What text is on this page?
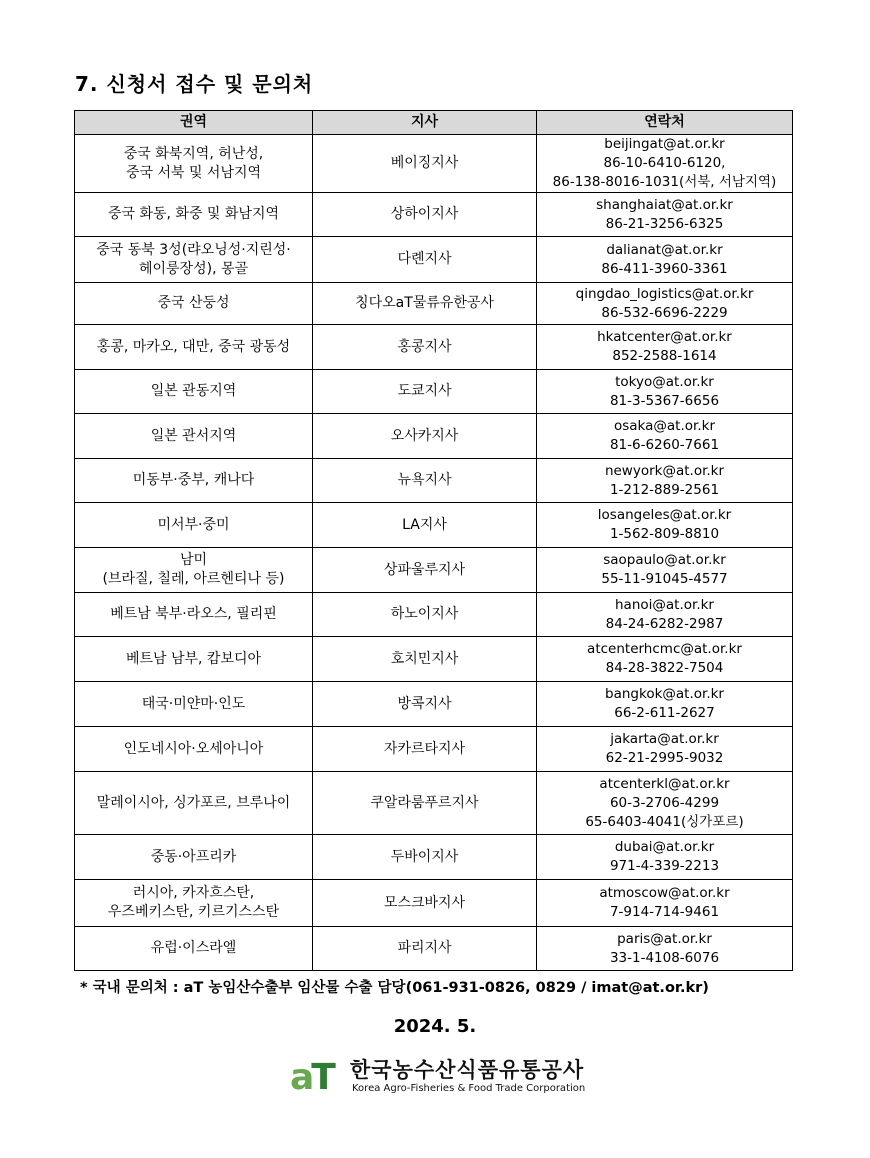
7. 신청서 접수 및 문의처
권역	지사	연락처

중국 화북지역, 허난성,
중국 서북 및 서남지역	베이징지사	beijingat@at.or.kr
86-10-6410-6120,
86-138-8016-1031(서북, 서남지역)

중국 화동, 화중 및 화남지역	상하이지사	shanghaiat@at.or.kr
86-21-3256-6325

중국 동북 3성(랴오닝성·지린성·
헤이룽장성), 몽골	다롄지사	dalianat@at.or.kr
86-411-3960-3361

중국 산둥성	칭다오aT물류유한공사	qingdao_logistics@at.or.kr
86-532-6696-2229

홍콩, 마카오, 대만, 중국 광동성	홍콩지사	hkatcenter@at.or.kr
852-2588-1614

일본 관동지역	도쿄지사	tokyo@at.or.kr
81-3-5367-6656

일본 관서지역	오사카지사	osaka@at.or.kr
81-6-6260-7661

미동부·중부, 캐나다	뉴욕지사	newyork@at.or.kr
1-212-889-2561

미서부·중미	LA지사	losangeles@at.or.kr
1-562-809-8810

남미
(브라질, 칠레, 아르헨티나 등)	상파울루지사	saopaulo@at.or.kr
55-11-91045-4577

베트남 북부·라오스, 필리핀	하노이지사	hanoi@at.or.kr
84-24-6282-2987

베트남 남부, 캄보디아	호치민지사	atcenterhcmc@at.or.kr
84-28-3822-7504

태국·미얀마·인도	방콕지사	bangkok@at.or.kr
66-2-611-2627

인도네시아·오세아니아	자카르타지사	jakarta@at.or.kr
62-21-2995-9032

말레이시아, 싱가포르, 브루나이	쿠알라룸푸르지사	atcenterkl@at.or.kr
60-3-2706-4299
65-6403-4041(싱가포르)

중동·아프리카	두바이지사	dubai@at.or.kr
971-4-339-2213

러시아, 카자흐스탄,
우즈베키스탄, 키르기스스탄	모스크바지사	atmoscow@at.or.kr
7-914-714-9461

유럽·이스라엘	파리지사	paris@at.or.kr
33-1-4108-6076
* 국내 문의처 : aT 농임산수출부 임산물 수출 담당(061-931-0826, 0829 / imat@at.or.kr)
2024. 5.
aT 한국농수산식품유통공사
Korea Agro-Fisheries & Food Trade Corporation
